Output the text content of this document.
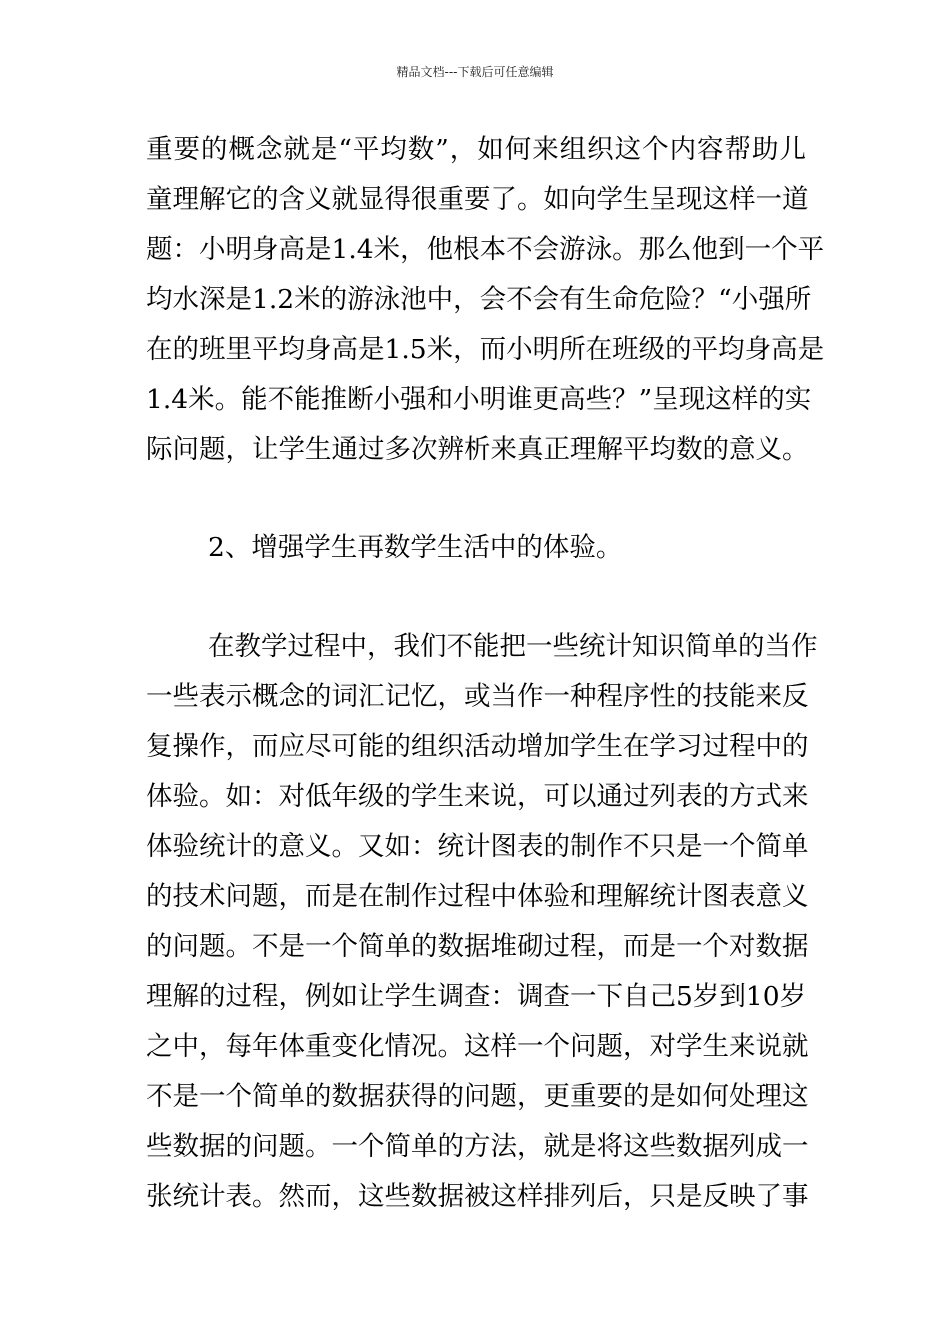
精品文档---下载后可任意编辑
重要的概念就是“平均数”，如何来组织这个内容帮助儿
童理解它的含义就显得很重要了。如向学生呈现这样一道
题：小明身高是1.4米，他根本不会游泳。那么他到一个平
均水深是1.2米的游泳池中，会不会有生命危险？“小强所
在的班里平均身高是1.5米，而小明所在班级的平均身高是
1.4米。能不能推断小强和小明谁更高些？”呈现这样的实
际问题，让学生通过多次辨析来真正理解平均数的意义。
2、增强学生再数学生活中的体验。
在教学过程中，我们不能把一些统计知识简单的当作
一些表示概念的词汇记忆，或当作一种程序性的技能来反
复操作，而应尽可能的组织活动增加学生在学习过程中的
体验。如：对低年级的学生来说，可以通过列表的方式来
体验统计的意义。又如：统计图表的制作不只是一个简单
的技术问题，而是在制作过程中体验和理解统计图表意义
的问题。不是一个简单的数据堆砌过程，而是一个对数据
理解的过程，例如让学生调查：调查一下自己5岁到10岁
之中，每年体重变化情况。这样一个问题，对学生来说就
不是一个简单的数据获得的问题，更重要的是如何处理这
些数据的问题。一个简单的方法，就是将这些数据列成一
张统计表。然而，这些数据被这样排列后，只是反映了事
